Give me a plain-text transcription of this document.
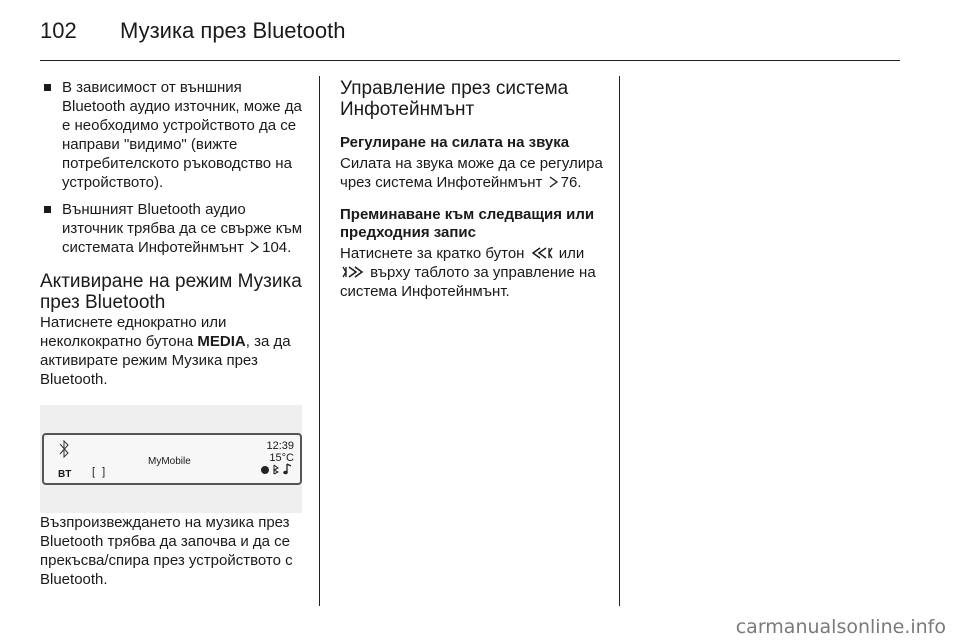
102 Музика през Bluetooth
В зависимост от външния Bluetooth аудио източник, може да е необходимо устройството да се направи "видимо" (вижте потребителското ръководство на устройството).
Външният Bluetooth аудио източник трябва да се свърже към системата Инфотейнмънт 104.
Активиране на режим Музика през Bluetooth

Натиснете еднократно или неколкократно бутона MEDIA, за да активирате режим Музика през Bluetooth.

BT [ ]
MyMobile
12:39
15°C

Възпроизвеждането на музика през Bluetooth трябва да започва и да се прекъсва/спира през устройството с Bluetooth.

Управление през система Инфотейнмънт
Регулиране на силата на звука

Силата на звука може да се регулира чрез система Инфотейнмънт 76.

Преминаване към следващия или предходния запис

Натиснете за кратко бутон или
върху таблото за управление на система Инфотейнмънт.

carmanualsonline.info
